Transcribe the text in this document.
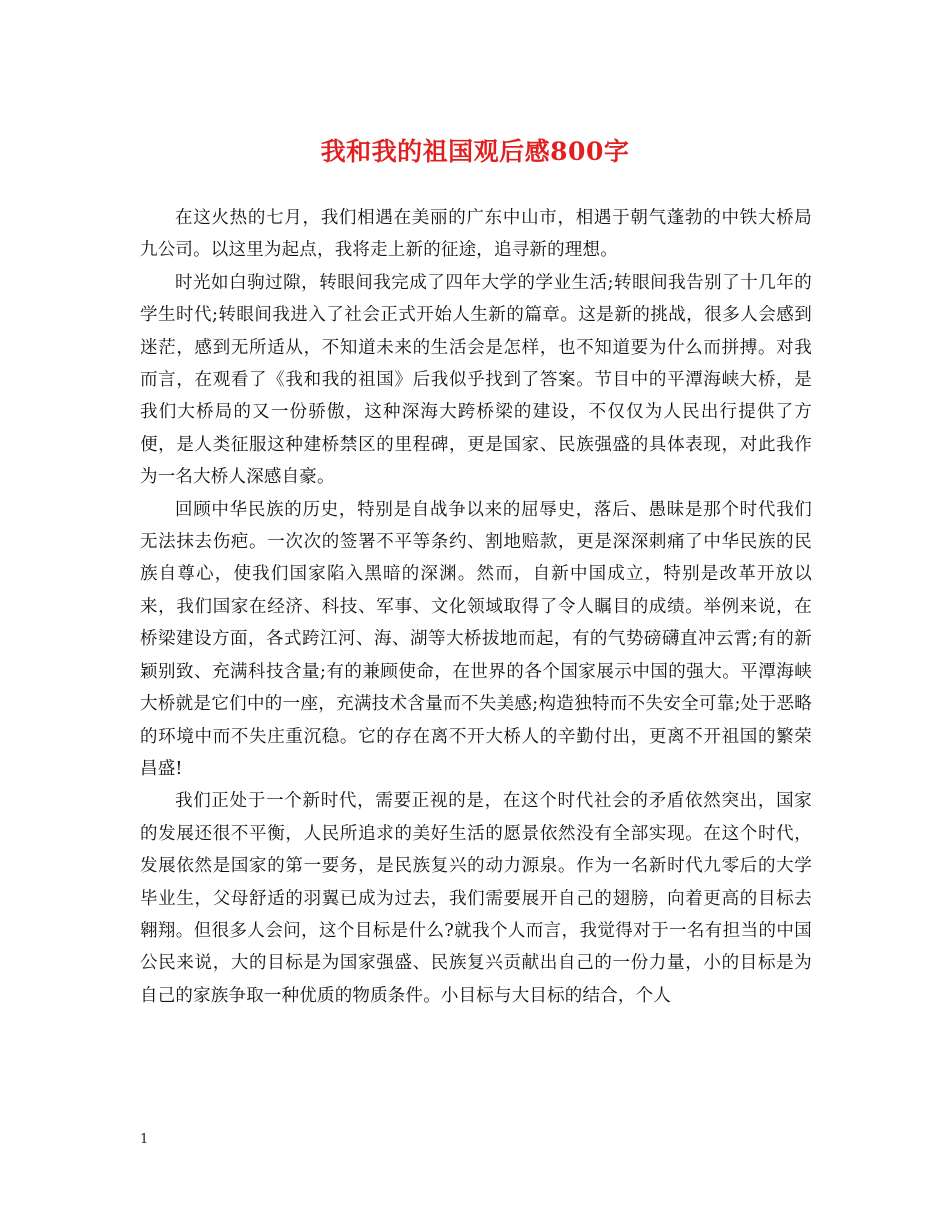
我和我的祖国观后感800字

在这火热的七月，我们相遇在美丽的广东中山市，相遇于朝气蓬勃的中铁大桥局九公司。以这里为起点，我将走上新的征途，追寻新的理想。

时光如白驹过隙，转眼间我完成了四年大学的学业生活;转眼间我告别了十几年的学生时代;转眼间我进入了社会正式开始人生新的篇章。这是新的挑战，很多人会感到迷茫，感到无所适从，不知道未来的生活会是怎样，也不知道要为什么而拼搏。对我而言，在观看了《我和我的祖国》后我似乎找到了答案。节目中的平潭海峡大桥，是我们大桥局的又一份骄傲，这种深海大跨桥梁的建设，不仅仅为人民出行提供了方便，是人类征服这种建桥禁区的里程碑，更是国家、民族强盛的具体表现，对此我作为一名大桥人深感自豪。

回顾中华民族的历史，特别是自战争以来的屈辱史，落后、愚昧是那个时代我们无法抹去伤疤。一次次的签署不平等条约、割地赔款，更是深深刺痛了中华民族的民族自尊心，使我们国家陷入黑暗的深渊。然而，自新中国成立，特别是改革开放以来，我们国家在经济、科技、军事、文化领域取得了令人瞩目的成绩。举例来说，在桥梁建设方面，各式跨江河、海、湖等大桥拔地而起，有的气势磅礴直冲云霄;有的新颖别致、充满科技含量;有的兼顾使命，在世界的各个国家展示中国的强大。平潭海峡大桥就是它们中的一座，充满技术含量而不失美感;构造独特而不失安全可靠;处于恶略的环境中而不失庄重沉稳。它的存在离不开大桥人的辛勤付出，更离不开祖国的繁荣昌盛!

我们正处于一个新时代，需要正视的是，在这个时代社会的矛盾依然突出，国家的发展还很不平衡，人民所追求的美好生活的愿景依然没有全部实现。在这个时代，发展依然是国家的第一要务，是民族复兴的动力源泉。作为一名新时代九零后的大学毕业生，父母舒适的羽翼已成为过去，我们需要展开自己的翅膀，向着更高的目标去翱翔。但很多人会问，这个目标是什么?就我个人而言，我觉得对于一名有担当的中国公民来说，大的目标是为国家强盛、民族复兴贡献出自己的一份力量，小的目标是为自己的家族争取一种优质的物质条件。小目标与大目标的结合，个人

1
